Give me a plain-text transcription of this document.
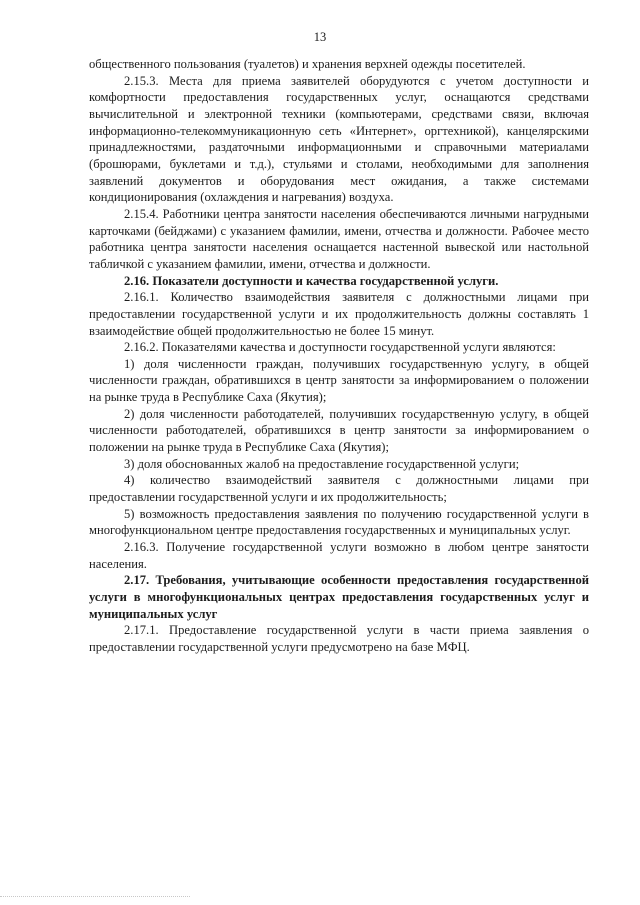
13

общественного пользования (туалетов) и хранения верхней одежды посетителей.

2.15.3. Места для приема заявителей оборудуются с учетом доступности и комфортности предоставления государственных услуг, оснащаются средствами вычислительной и электронной техники (компьютерами, средствами связи, включая информационно-телекоммуникационную сеть «Интернет», оргтехникой), канцелярскими принадлежностями, раздаточными информационными и справочными материалами (брошюрами, буклетами и т.д.), стульями и столами, необходимыми для заполнения заявлений документов и оборудования мест ожидания, а также системами кондиционирования (охлаждения и нагревания) воздуха.

2.15.4. Работники центра занятости населения обеспечиваются личными нагрудными карточками (бейджами) с указанием фамилии, имени, отчества и должности. Рабочее место работника центра занятости населения оснащается настенной вывеской или настольной табличкой с указанием фамилии, имени, отчества и должности.

2.16. Показатели доступности и качества государственной услуги.

2.16.1. Количество взаимодействия заявителя с должностными лицами при предоставлении государственной услуги и их продолжительность должны составлять 1 взаимодействие общей продолжительностью не более 15 минут.

2.16.2. Показателями качества и доступности государственной услуги являются:

1) доля численности граждан, получивших государственную услугу, в общей численности граждан, обратившихся в центр занятости за информированием о положении на рынке труда в Республике Саха (Якутия);

2) доля численности работодателей, получивших государственную услугу, в общей численности работодателей, обратившихся в центр занятости за информированием о положении на рынке труда в Республике Саха (Якутия);

3) доля обоснованных жалоб на предоставление государственной услуги;

4) количество взаимодействий заявителя с должностными лицами при предоставлении государственной услуги и их продолжительность;

5) возможность предоставления заявления по получению государственной услуги в многофункциональном центре предоставления государственных и муниципальных услуг.

2.16.3. Получение государственной услуги возможно в любом центре занятости населения.

2.17. Требования, учитывающие особенности предоставления государственной услуги в многофункциональных центрах предоставления государственных услуг и муниципальных услуг

2.17.1. Предоставление государственной услуги в части приема заявления о предоставлении государственной услуги предусмотрено на базе МФЦ.
